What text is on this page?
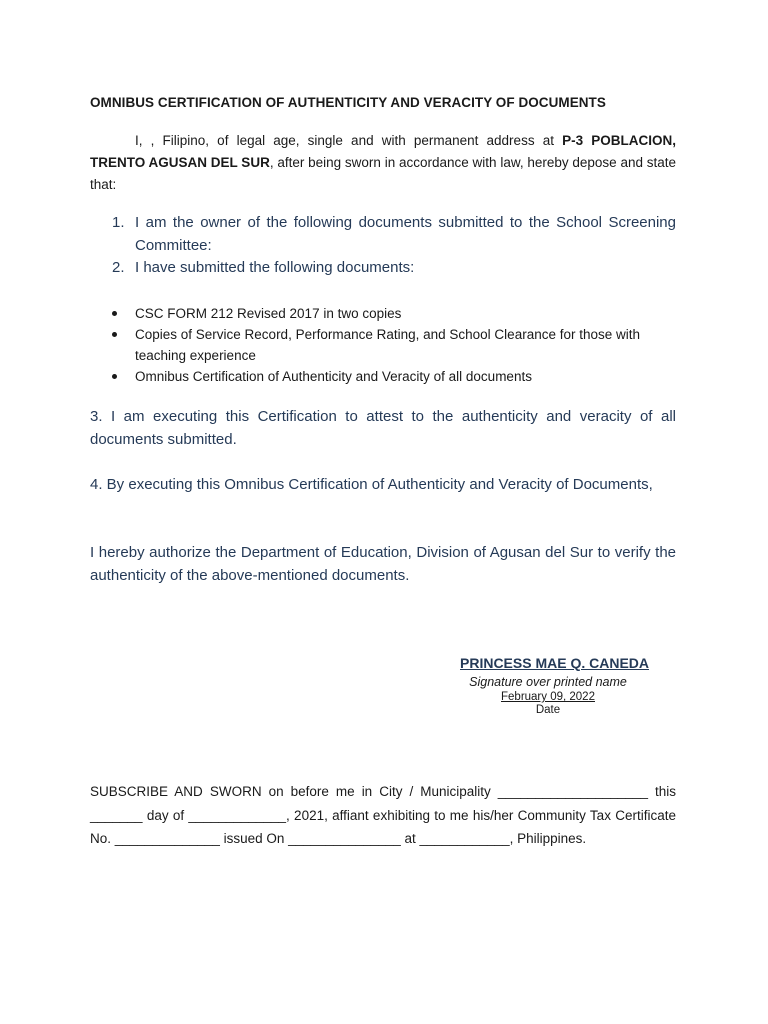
OMNIBUS CERTIFICATION OF AUTHENTICITY AND VERACITY OF DOCUMENTS
I, , Filipino, of legal age, single and with permanent address at P-3 POBLACION, TRENTO AGUSAN DEL SUR, after being sworn in accordance with law, hereby depose and state that:
1. I am the owner of the following documents submitted to the School Screening Committee:
2. I have submitted the following documents:
CSC FORM 212 Revised 2017 in two copies
Copies of Service Record, Performance Rating, and School Clearance for those with teaching experience
Omnibus Certification of Authenticity and Veracity of all documents
3. I am executing this Certification to attest to the authenticity and veracity of all documents submitted.
4. By executing this Omnibus Certification of Authenticity and Veracity of Documents,
I hereby authorize the Department of Education, Division of Agusan del Sur to verify the authenticity of the above-mentioned documents.
PRINCESS MAE Q. CANEDA
Signature over printed name
February 09, 2022
Date
SUBSCRIBE AND SWORN on before me in City / Municipality ____________________ this _______ day of _____________, 2021, affiant exhibiting to me his/her Community Tax Certificate No. ______________ issued On _______________ at ____________, Philippines.
